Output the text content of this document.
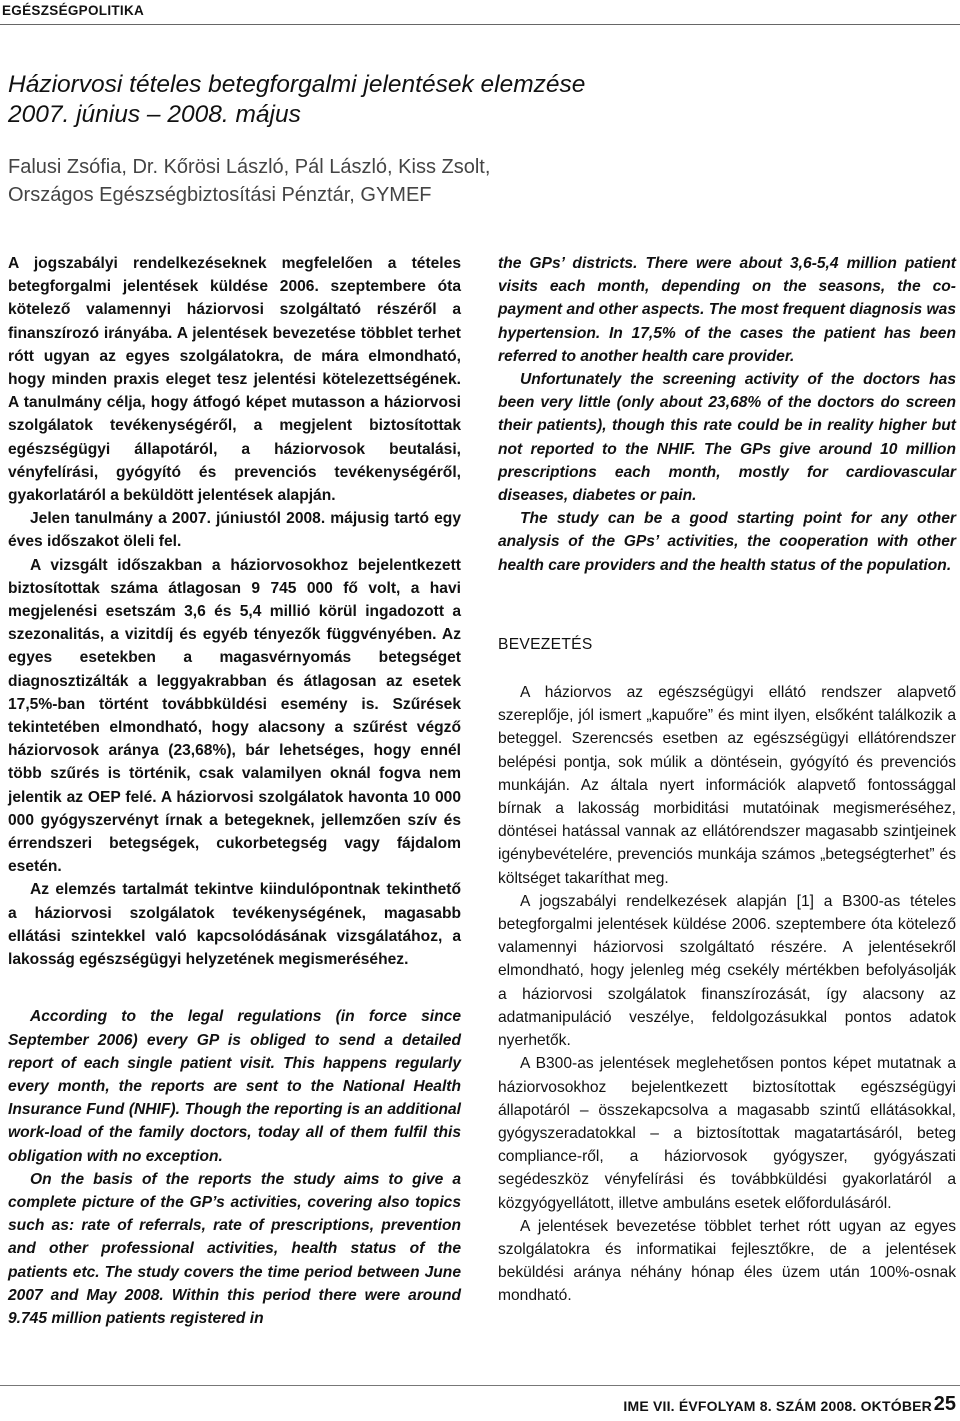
EGÉSZSÉGPOLITIKA
Háziorvosi tételes betegforgalmi jelentések elemzése
2007. június – 2008. május
Falusi Zsófia, Dr. Kőrösi László, Pál László, Kiss Zsolt,
Országos Egészségbiztosítási Pénztár, GYMEF

A jogszabályi rendelkezéseknek megfelelően a tételes betegforgalmi jelentések küldése 2006. szeptembere óta kötelező valamennyi háziorvosi szolgáltató részéről a finanszírozó irányába. A jelentések bevezetése többlet terhet rótt ugyan az egyes szolgálatokra, de mára elmondható, hogy minden praxis eleget tesz jelentési kötelezettségének. A tanulmány célja, hogy átfogó képet mutasson a háziorvosi szolgálatok tevékenységéről, a megjelent biztosítottak egészségügyi állapotáról, a háziorvosok beutalási, vényfelírási, gyógyító és prevenciós tevékenységéről, gyakorlatáról a beküldött jelentések alapján.

Jelen tanulmány a 2007. júniustól 2008. májusig tartó egy éves időszakot öleli fel.

A vizsgált időszakban a háziorvosokhoz bejelentkezett biztosítottak száma átlagosan 9 745 000 fő volt, a havi megjelenési esetszám 3,6 és 5,4 millió körül ingadozott a szezonalitás, a vizitdíj és egyéb tényezők függvényében. Az egyes esetekben a magasvérnyomás betegséget diagnosztizálták a leggyakrabban és átlagosan az esetek 17,5%-ban történt továbbküldési esemény is. Szűrések tekintetében elmondható, hogy alacsony a szűrést végző háziorvosok aránya (23,68%), bár lehetséges, hogy ennél több szűrés is történik, csak valamilyen oknál fogva nem jelentik az OEP felé. A háziorvosi szolgálatok havonta 10 000 000 gyógyszervényt írnak a betegeknek, jellemzően szív és érrendszeri betegségek, cukorbetegség vagy fájdalom esetén.

Az elemzés tartalmát tekintve kiindulópontnak tekinthető a háziorvosi szolgálatok tevékenységének, magasabb ellátási szintekkel való kapcsolódásának vizsgálatához, a lakosság egészségügyi helyzetének megismeréséhez.

According to the legal regulations (in force since September 2006) every GP is obliged to send a detailed report of each single patient visit. This happens regularly every month, the reports are sent to the National Health Insurance Fund (NHIF). Though the reporting is an additional work-load of the family doctors, today all of them fulfil this obligation with no exception.

On the basis of the reports the study aims to give a complete picture of the GP’s activities, covering also topics such as: rate of referrals, rate of prescriptions, prevention and other professional activities, health status of the patients etc. The study covers the time period between June 2007 and May 2008. Within this period there were around 9.745 million patients registered in

the GPs’ districts. There were about 3,6-5,4 million patient visits each month, depending on the seasons, the co-payment and other aspects. The most frequent diagnosis was hypertension. In 17,5% of the cases the patient has been referred to another health care provider.

Unfortunately the screening activity of the doctors has been very little (only about 23,68% of the doctors do screen their patients), though this rate could be in reality higher but not reported to the NHIF. The GPs give around 10 million prescriptions each month, mostly for cardiovascular diseases, diabetes or pain.

The study can be a good starting point for any other analysis of the GPs’ activities, the cooperation with other health care providers and the health status of the population.

BEVEZETÉS

A háziorvos az egészségügyi ellátó rendszer alapvető szereplője, jól ismert „kapuőre” és mint ilyen, elsőként találkozik a beteggel. Szerencsés esetben az egészségügyi ellátórendszer belépési pontja, sok múlik a döntésein, gyógyító és prevenciós munkáján. Az általa nyert információk alapvető fontossággal bírnak a lakosság morbiditási mutatóinak megismeréséhez, döntései hatással vannak az ellátórendszer magasabb szintjeinek igénybevételére, prevenciós munkája számos „betegségterhet” és költséget takaríthat meg.

A jogszabályi rendelkezések alapján [1] a B300-as tételes betegforgalmi jelentések küldése 2006. szeptembere óta kötelező valamennyi háziorvosi szolgáltató részére. A jelentésekről elmondható, hogy jelenleg még csekély mértékben befolyásolják a háziorvosi szolgálatok finanszírozását, így alacsony az adatmanipuláció veszélye, feldolgozásukkal pontos adatok nyerhetők.

A B300-as jelentések meglehetősen pontos képet mutatnak a háziorvosokhoz bejelentkezett biztosítottak egészségügyi állapotáról – összekapcsolva a magasabb szintű ellátásokkal, gyógyszeradatokkal – a biztosítottak magatartásáról, beteg compliance-ről, a háziorvosok gyógyszer, gyógyászati segédeszköz vényfelírási és továbbküldési gyakorlatáról a közgyógyellátott, illetve ambuláns esetek előfordulásáról.

A jelentések bevezetése többlet terhet rótt ugyan az egyes szolgálatokra és informatikai fejlesztőkre, de a jelentések beküldési aránya néhány hónap éles üzem után 100%-osnak mondható.

IME VII. ÉVFOLYAM 8. SZÁM 2008. OKTÓBER 25
